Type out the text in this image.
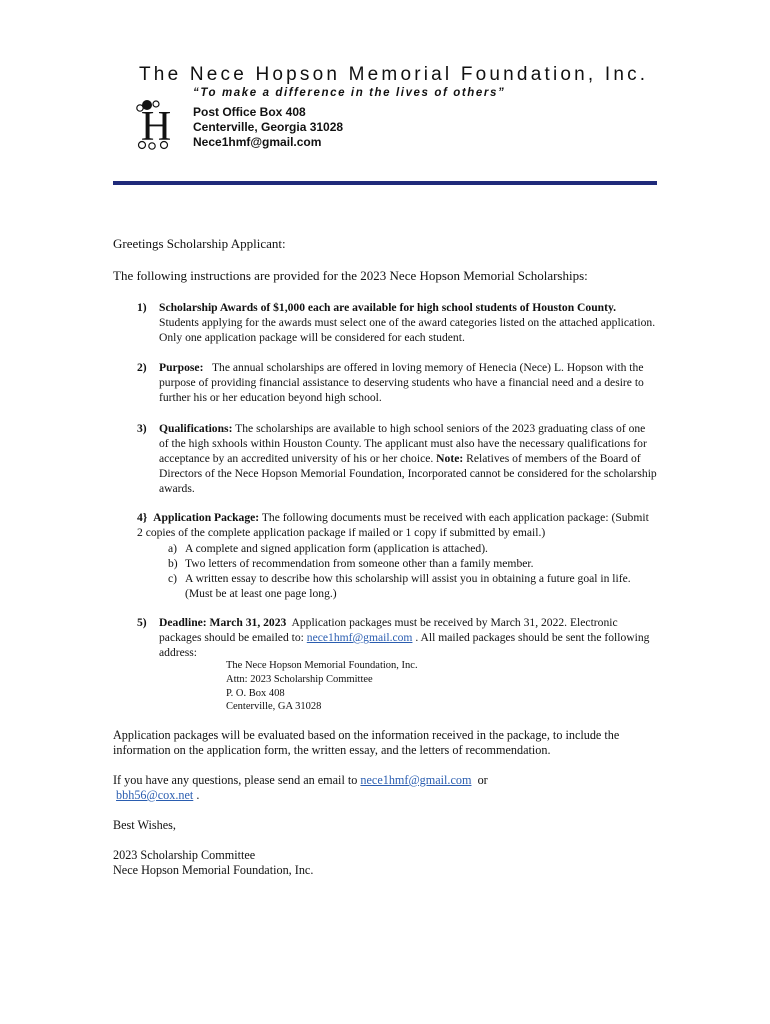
The Nece Hopson Memorial Foundation, Inc.
“To make a difference in the lives of others”
H Post Office Box 408
Centerville, Georgia 31028
Nece1hmf@gmail.com
Greetings Scholarship Applicant:
The following instructions are provided for the 2023 Nece Hopson Memorial Scholarships:
1) Scholarship Awards of $1,000 each are available for high school students of Houston County.   Students applying for the awards must select one of the award categories listed on the attached application. Only one application package will be considered for each student.
2) Purpose: The annual scholarships are offered in loving memory of Henecia (Nece) L. Hopson with the purpose of providing financial assistance to deserving students who have a financial need and a desire to further his or her education beyond high school.
3) Qualifications: The scholarships are available to high school seniors of the 2023 graduating class of one of the high sxhools within Houston County. The applicant must also have the necessary qualifications for acceptance by an accredited university of his or her choice. Note: Relatives of members of the Board of Directors of the Nece Hopson Memorial Foundation, Incorporated cannot be considered for the scholarship awards.
4} Application Package: The following documents must be received with each application package: (Submit 2 copies of the complete application package if mailed or 1 copy if submitted by email.)
a) A complete and signed application form (application is attached).
b) Two letters of recommendation from someone other than a family member.
c) A written essay to describe how this scholarship will assist you in obtaining a future goal in life. (Must be at least one page long.)
5) Deadline: March 31, 2023 Application packages must be received by March 31, 2022. Electronic packages should be emailed to: nece1hmf@gmail.com . All mailed packages should be sent the following address:
The Nece Hopson Memorial Foundation, Inc.
Attn: 2023 Scholarship Committee
P. O. Box 408
Centerville, GA 31028
Application packages will be evaluated based on the information received in the package, to include the information on the application form, the written essay, and the letters of recommendation.
If you have any questions, please send an email to nece1hmf@gmail.com or
bbh56@cox.net .
Best Wishes,
2023 Scholarship Committee
Nece Hopson Memorial Foundation, Inc.
